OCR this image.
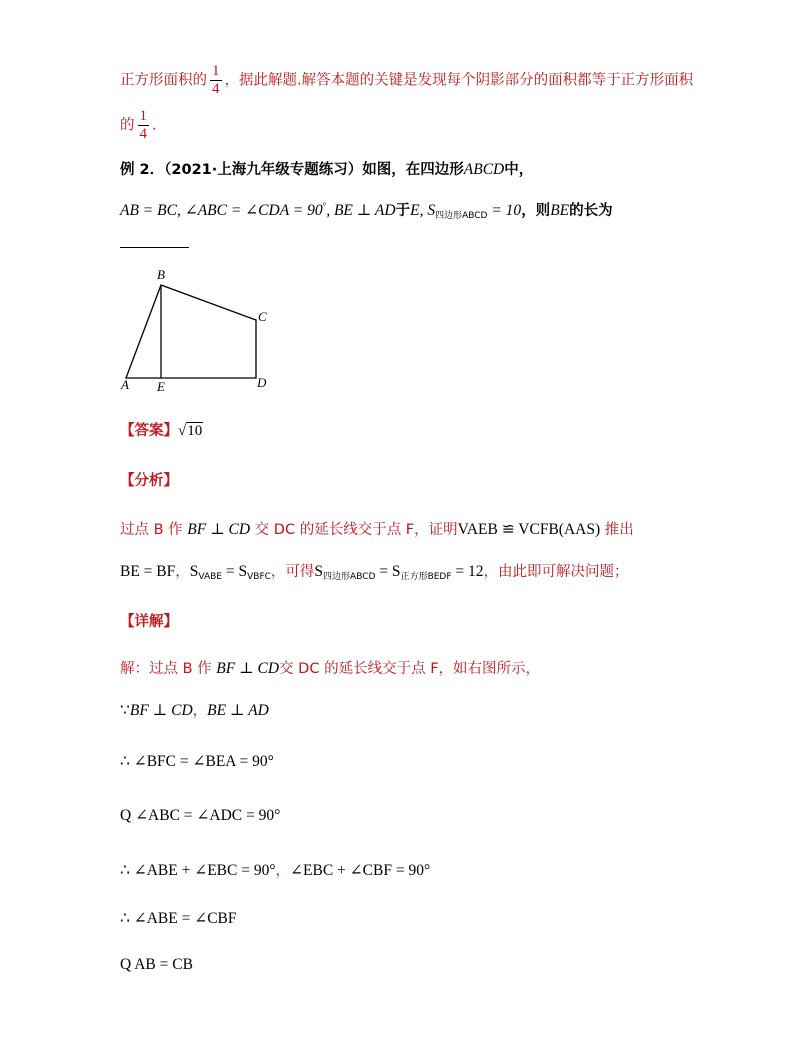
正方形面积的 $\frac{1}{4}$ ，据此解题.解答本题的关键是发现每个阴影部分的面积都等于正方形面积
的 $\frac{1}{4}$ .
例 2．（2021·上海九年级专题练习）如图，在四边形ABCD中，
AB = BC, ∠ABC = ∠CDA = 90°, BE ⊥ AD于E, $S_{四边形ABCD} = 10$，则BE的长为
A
B
C
D
E
【答案】√10
【分析】
过点 B 作 BF ⊥ CD 交 DC 的延长线交于点 F，证明VAEB ≌ VCFB(AAS) 推出
BE = BF，$S_{VABE} = S_{VBFC}$，可得$S_{四边形ABCD} = S_{正方形BEDF} = 12$，由此即可解决问题；
【详解】
解：过点 B 作 BF ⊥ CD交 DC 的延长线交于点 F，如右图所示，
∵BF ⊥ CD，BE ⊥ AD
∴ ∠BFC = ∠BEA = 90°
Q ∠ABC = ∠ADC = 90°
∴ ∠ABE + ∠EBC = 90°，∠EBC + ∠CBF = 90°
∴ ∠ABE = ∠CBF
Q AB = CB
